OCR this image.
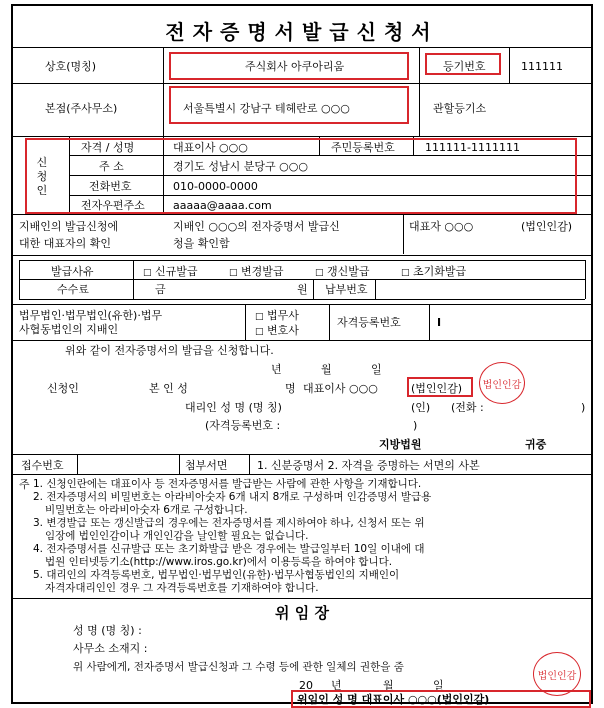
전자증명서발급신청서
상호(명칭)	주식회사 아쿠아리움	등기번호	111111
본점(주사무소)	서울특별시 강남구 테헤란로 ○○○	관할등기소
신 청 인
자격 / 성명	대표이사 ○○○	주민등록번호	111111-1111111
주 소	경기도 성남시 분당구 ○○○
전화번호	010-0000-0000
전자우편주소	aaaaa@aaaa.com
지배인의 발급신청에
대한 대표자의 확인
지배인 ○○○의 전자증명서 발급신
청을 확인함
대표자 ○○○	(법인인감)
발급사유	□ 신규발급	□ 변경발급	□ 갱신발급	□ 초기화발급
수수료	금	원 납부번호
법무법인·법무법인(유한)·법무
사협동법인의 지배인
□ 법무사
□ 변호사
자격등록번호	I
위와 같이 전자증명서의 발급을 신청합니다.
년	월	일
신청인	본 인 성	명 대표이사 ○○○	(법인인감)
대리인 성 명 (명 칭)	(인) (전화 :	)
(자격등록번호 :	)
지방법원	귀중
접수번호	첨부서면	1. 신분증명서 2. 자격을 증명하는 서면의 사본
주 1. 신청인란에는 대표이사 등 전자증명서를 발급받는 사람에 관한 사항을 기재합니다.
2. 전자증명서의 비밀번호는 아라비아숫자 6개 내지 8개로 구성하며 인감증명서 발급용
비밀번호는 아라비아숫자 6개로 구성합니다.
3. 변경발급 또는 갱신발급의 경우에는 전자증명서를 제시하여야 하나, 신청서 또는 위
임장에 법인인감이나 개인인감을 날인할 필요는 없습니다.
4. 전자증명서를 신규발급 또는 초기화발급 받은 경우에는 발급일부터 10일 이내에 대
법원 인터넷등기소(http://www.iros.go.kr)에서 이용등록을 하여야 합니다.
5. 대리인의 자격등록번호, 법무법인·법무법인(유한)·법무사협동법인의 지배인이
자격자대리인인 경우 그 자격등록번호를 기재하여야 합니다.
위 임 장
성 명 (명 칭) :
사무소 소재지 :
위 사람에게, 전자증명서 발급신청과 그 수령 등에 관한 일체의 권한을 줌
20 년	월	일
위임인 성 명 대표이사 ○○○(법인인감)
법인인감
법인인감
